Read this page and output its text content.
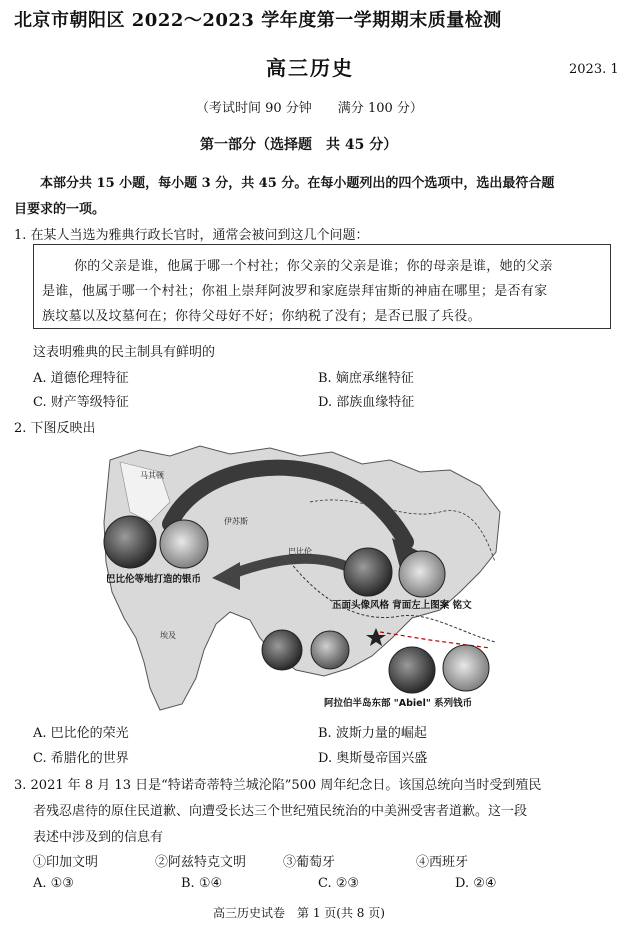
北京市朝阳区 2022～2023 学年度第一学期期末质量检测
高三历史	2023. 1
（考试时间 90 分钟　　满分 100 分）
第一部分（选择题　共 45 分）
本部分共 15 小题，每小题 3 分，共 45 分。在每小题列出的四个选项中，选出最符合题
目要求的一项。
1. 在某人当选为雅典行政长官时，通常会被问到这几个问题：
你的父亲是谁，他属于哪一个村社；你父亲的父亲是谁；你的母亲是谁，她的父亲
是谁，他属于哪一个村社；你祖上崇拜阿波罗和家庭崇拜宙斯的神庙在哪里；是否有家
族坟墓以及坟墓何在；你待父母好不好；你纳税了没有；是否已服了兵役。
这表明雅典的民主制具有鲜明的
A. 道德伦理特征	B. 嫡庶承继特征
C. 财产等级特征	D. 部族血缘特征
2. 下图反映出
巴比伦
埃及
马其顿
伊苏斯
巴比伦等地打造的银币
正面头像风格 背面左上图案 铭文
阿拉伯半岛东部 "Abiel" 系列钱币
A. 巴比伦的荣光	B. 波斯力量的崛起
C. 希腊化的世界	D. 奥斯曼帝国兴盛
3. 2021 年 8 月 13 日是“特诺奇蒂特兰城沦陷”500 周年纪念日。该国总统向当时受到殖民
者残忍虐待的原住民道歉、向遭受长达三个世纪殖民统治的中美洲受害者道歉。这一段
表述中涉及到的信息有
①印加文明	②阿兹特克文明	③葡萄牙	④西班牙
A. ①③	B. ①④	C. ②③	D. ②④
高三历史试卷　第 1 页(共 8 页)
